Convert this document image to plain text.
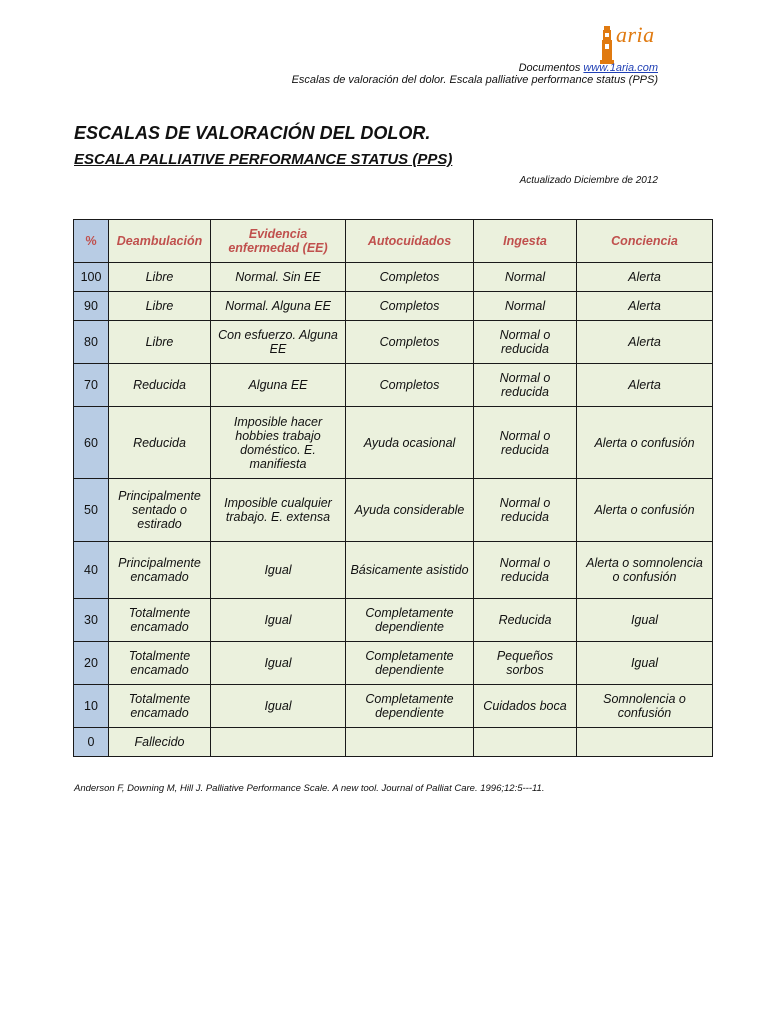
aria
Documentos www.1aria.com
Escalas de valoración del dolor. Escala palliative performance status (PPS)
ESCALAS DE VALORACIÓN DEL DOLOR.
ESCALA PALLIATIVE PERFORMANCE STATUS (PPS)
Actualizado Diciembre de 2012
%	Deambulación	Evidencia enfermedad (EE)	Autocuidados	Ingesta	Conciencia
100	Libre	Normal. Sin EE	Completos	Normal	Alerta
90	Libre	Normal. Alguna EE	Completos	Normal	Alerta
80	Libre	Con esfuerzo. Alguna EE	Completos	Normal o reducida	Alerta
70	Reducida	Alguna EE	Completos	Normal o reducida	Alerta
60	Reducida	Imposible hacer hobbies trabajo doméstico. E. manifiesta	Ayuda ocasional	Normal o reducida	Alerta o confusión
50	Principalmente sentado o estirado	Imposible cualquier trabajo. E. extensa	Ayuda considerable	Normal o reducida	Alerta o confusión
40	Principalmente encamado	Igual	Básicamente asistido	Normal o reducida	Alerta o somnolencia o confusión
30	Totalmente encamado	Igual	Completamente dependiente	Reducida	Igual
20	Totalmente encamado	Igual	Completamente dependiente	Pequeños sorbos	Igual
10	Totalmente encamado	Igual	Completamente dependiente	Cuidados boca	Somnolencia o confusión
0	Fallecido				
Anderson F, Downing M, Hill J. Palliative Performance Scale. A new tool. Journal of Palliat Care. 1996;12:5---11.
